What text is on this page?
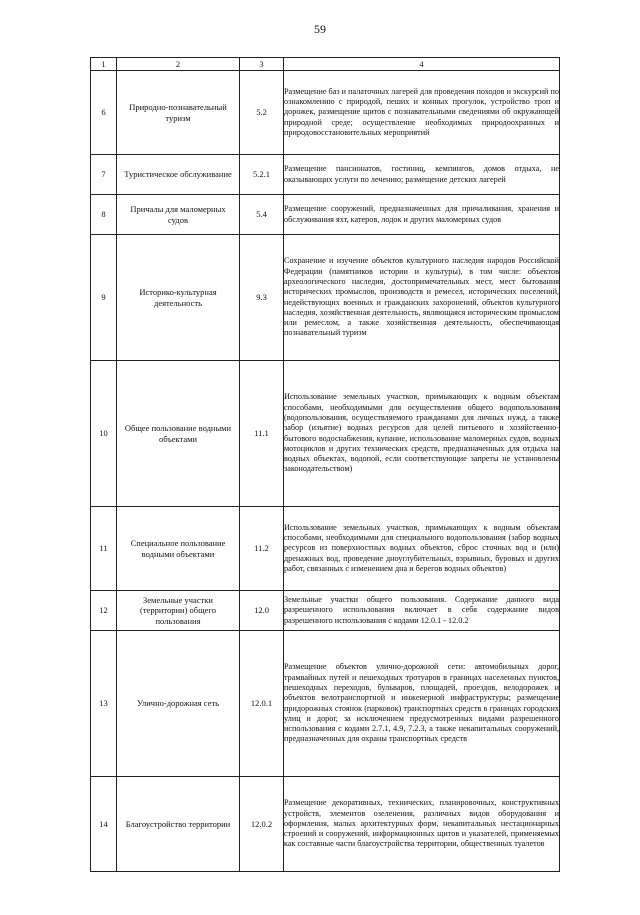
59
1	2	3	4
6	Природно-познавательный туризм	5.2	Размещение баз и палаточных лагерей для проведения походов и экскурсий по ознакомлению с природой, пеших и конных прогулок, устройство троп и дорожек, размещение щитов с познавательными сведениями об окружающей природной среде; осуществление необходимых природоохранных и природовосстановительных мероприятий
7	Туристическое обслуживание	5.2.1	Размещение пансионатов, гостиниц, кемпингов, домов отдыха, не оказывающих услуги по лечению; размещение детских лагерей
8	Причалы для маломерных судов	5.4	Размещение сооружений, предназначенных для причаливания, хранения и обслуживания яхт, катеров, лодок и других маломерных судов
9	Историко-культурная деятельность	9.3	Сохранение и изучение объектов культурного наследия народов Российской Федерации (памятников истории и культуры), в том числе: объектов археологического наследия, достопримечательных мест, мест бытования исторических промыслов, производств и ремесел, исторических поселений, недействующих военных и гражданских захоронений, объектов культурного наследия, хозяйственная деятельность, являющаяся историческим промыслом или ремеслом, а также хозяйственная деятельность, обеспечивающая познавательный туризм
10	Общее пользование водными объектами	11.1	Использование земельных участков, примыкающих к водным объектам способами, необходимыми для осуществления общего водопользования (водопользования, осуществляемого гражданами для личных нужд, а также забор (изъятие) водных ресурсов для целей питьевого и хозяйственно-бытового водоснабжения, купание, использование маломерных судов, водных мотоциклов и других технических средств, предназначенных для отдыха на водных объектах, водопой, если соответствующие запреты не установлены законодательством)
11	Специальное пользование водными объектами	11.2	Использование земельных участков, примыкающих к водным объектам способами, необходимыми для специального водопользования (забор водных ресурсов из поверхностных водных объектов, сброс сточных вод и (или) дренажных вод, проведение дноуглубительных, взрывных, буровых и других работ, связанных с изменением дна и берегов водных объектов)
12	Земельные участки (территории) общего пользования	12.0	Земельные участки общего пользования. Содержание данного вида разрешенного использования включает в себя содержание видов разрешенного использования с кодами 12.0.1 - 12.0.2
13	Улично-дорожная сеть	12.0.1	Размещение объектов улично-дорожной сети: автомобильных дорог, трамвайных путей и пешеходных тротуаров в границах населенных пунктов, пешеходных переходов, бульваров, площадей, проездов, велодорожек и объектов велотранспортной и инженерной инфраструктуры; размещение придорожных стоянок (парковок) транспортных средств в границах городских улиц и дорог, за исключением предусмотренных видами разрешенного использования с кодами 2.7.1, 4.9, 7.2.3, а также некапитальных сооружений, предназначенных для охраны транспортных средств
14	Благоустройство территории	12.0.2	Размещение декоративных, технических, планировочных, конструктивных устройств, элементов озеленения, различных видов оборудования и оформления, малых архитектурных форм, некапитальных нестационарных строений и сооружений, информационных щитов и указателей, применяемых как составные части благоустройства территории, общественных туалетов
